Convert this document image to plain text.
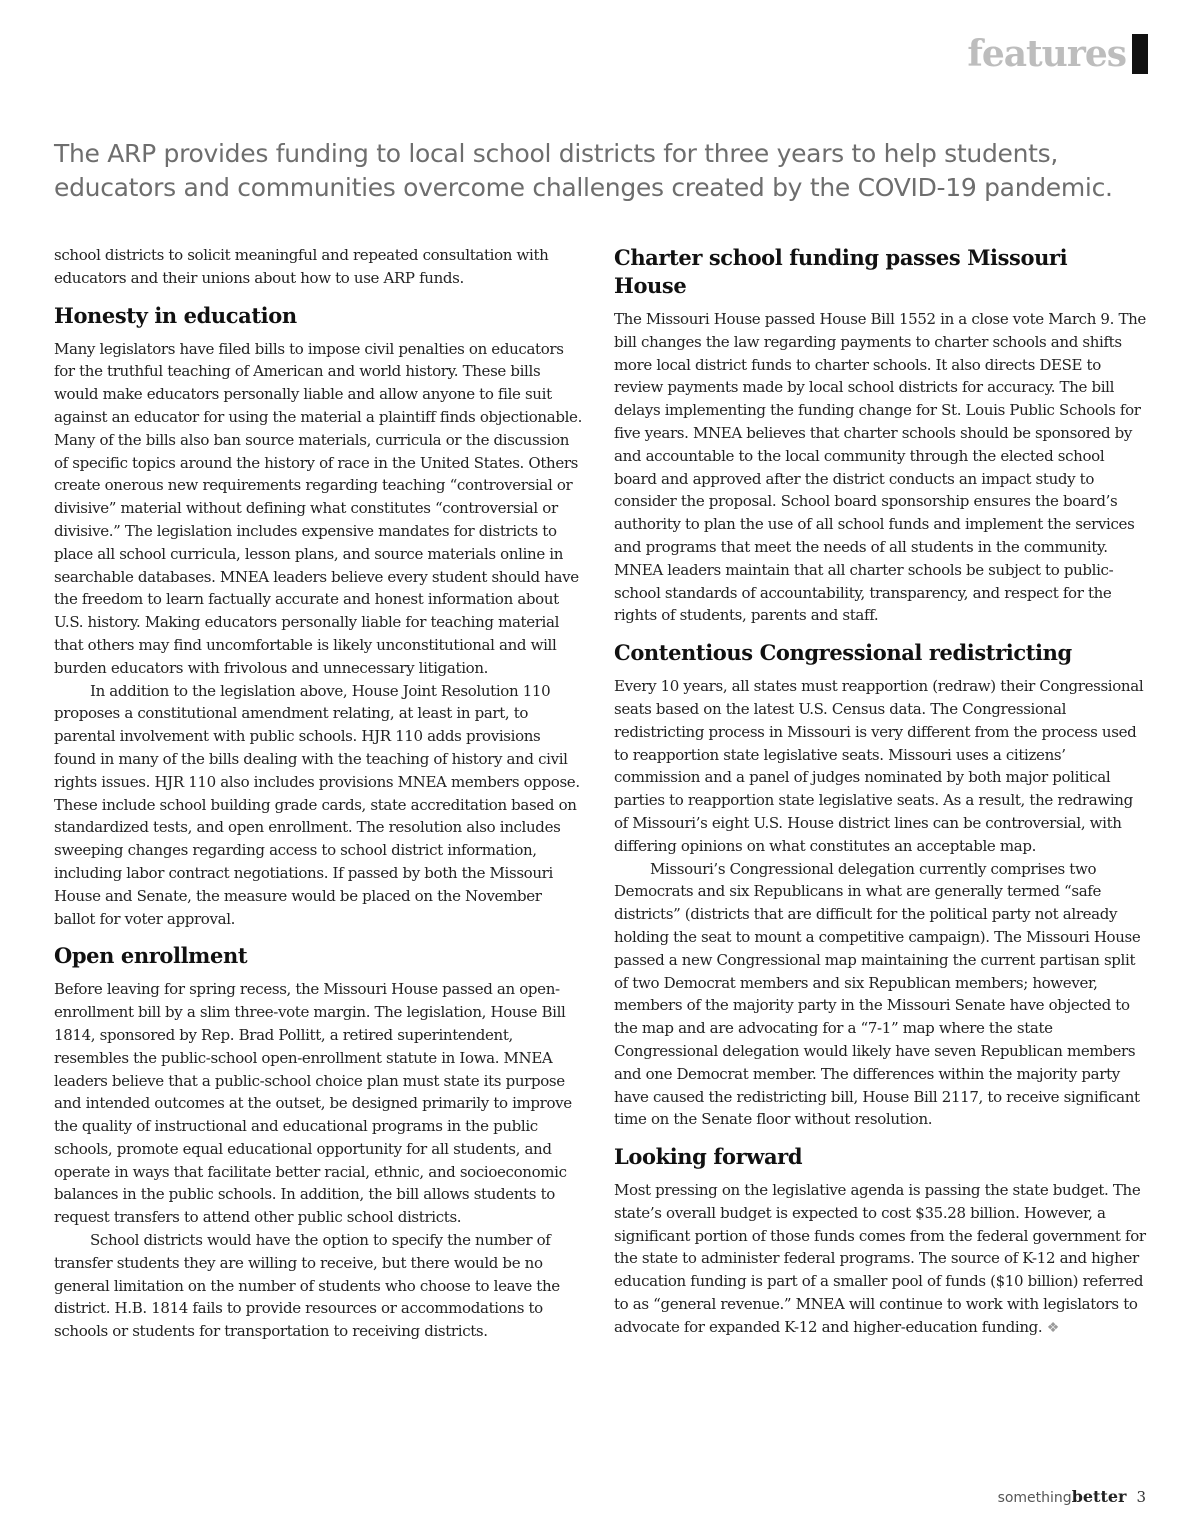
features
The ARP provides funding to local school districts for three years to help students, educators and communities overcome challenges created by the COVID-19 pandemic.

school districts to solicit meaningful and repeated consultation with educators and their unions about how to use ARP funds.

Honesty in education

Many legislators have filed bills to impose civil penalties on educators for the truthful teaching of American and world history. These bills would make educators personally liable and allow anyone to file suit against an educator for using the material a plaintiff finds objectionable. Many of the bills also ban source materials, curricula or the discussion of specific topics around the history of race in the United States. Others create onerous new requirements regarding teaching “controversial or divisive” material without defining what constitutes “controversial or divisive.” The legislation includes expensive mandates for districts to place all school curricula, lesson plans, and source materials online in searchable databases. MNEA leaders believe every student should have the freedom to learn factually accurate and honest information about U.S. history. Making educators personally liable for teaching material that others may find uncomfortable is likely unconstitutional and will burden educators with frivolous and unnecessary litigation.

In addition to the legislation above, House Joint Resolution 110 proposes a constitutional amendment relating, at least in part, to parental involvement with public schools. HJR 110 adds provisions found in many of the bills dealing with the teaching of history and civil rights issues. HJR 110 also includes provisions MNEA members oppose. These include school building grade cards, state accreditation based on standardized tests, and open enrollment. The resolution also includes sweeping changes regarding access to school district information, including labor contract negotiations. If passed by both the Missouri House and Senate, the measure would be placed on the November ballot for voter approval.

Open enrollment

Before leaving for spring recess, the Missouri House passed an open-enrollment bill by a slim three-vote margin. The legislation, House Bill 1814, sponsored by Rep. Brad Pollitt, a retired superintendent, resembles the public-school open-enrollment statute in Iowa. MNEA leaders believe that a public-school choice plan must state its purpose and intended outcomes at the outset, be designed primarily to improve the quality of instructional and educational programs in the public schools, promote equal educational opportunity for all students, and operate in ways that facilitate better racial, ethnic, and socioeconomic balances in the public schools. In addition, the bill allows students to request transfers to attend other public school districts.

School districts would have the option to specify the number of transfer students they are willing to receive, but there would be no general limitation on the number of students who choose to leave the district. H.B. 1814 fails to provide resources or accommodations to schools or students for transportation to receiving districts.

Charter school funding passes Missouri House

The Missouri House passed House Bill 1552 in a close vote March 9. The bill changes the law regarding payments to charter schools and shifts more local district funds to charter schools. It also directs DESE to review payments made by local school districts for accuracy. The bill delays implementing the funding change for St. Louis Public Schools for five years. MNEA believes that charter schools should be sponsored by and accountable to the local community through the elected school board and approved after the district conducts an impact study to consider the proposal. School board sponsorship ensures the board’s authority to plan the use of all school funds and implement the services and programs that meet the needs of all students in the community. MNEA leaders maintain that all charter schools be subject to public-school standards of accountability, transparency, and respect for the rights of students, parents and staff.

Contentious Congressional redistricting

Every 10 years, all states must reapportion (redraw) their Congressional seats based on the latest U.S. Census data. The Congressional redistricting process in Missouri is very different from the process used to reapportion state legislative seats. Missouri uses a citizens’ commission and a panel of judges nominated by both major political parties to reapportion state legislative seats. As a result, the redrawing of Missouri’s eight U.S. House district lines can be controversial, with differing opinions on what constitutes an acceptable map.

Missouri’s Congressional delegation currently comprises two Democrats and six Republicans in what are generally termed “safe districts” (districts that are difficult for the political party not already holding the seat to mount a competitive campaign). The Missouri House passed a new Congressional map maintaining the current partisan split of two Democrat members and six Republican members; however, members of the majority party in the Missouri Senate have objected to the map and are advocating for a “7-1” map where the state Congressional delegation would likely have seven Republican members and one Democrat member. The differences within the majority party have caused the redistricting bill, House Bill 2117, to receive significant time on the Senate floor without resolution.

Looking forward

Most pressing on the legislative agenda is passing the state budget. The state’s overall budget is expected to cost $35.28 billion. However, a significant portion of those funds comes from the federal government for the state to administer federal programs. The source of K-12 and higher education funding is part of a smaller pool of funds ($10 billion) referred to as “general revenue.” MNEA will continue to work with legislators to advocate for expanded K-12 and higher-education funding. ❖

something better 3
